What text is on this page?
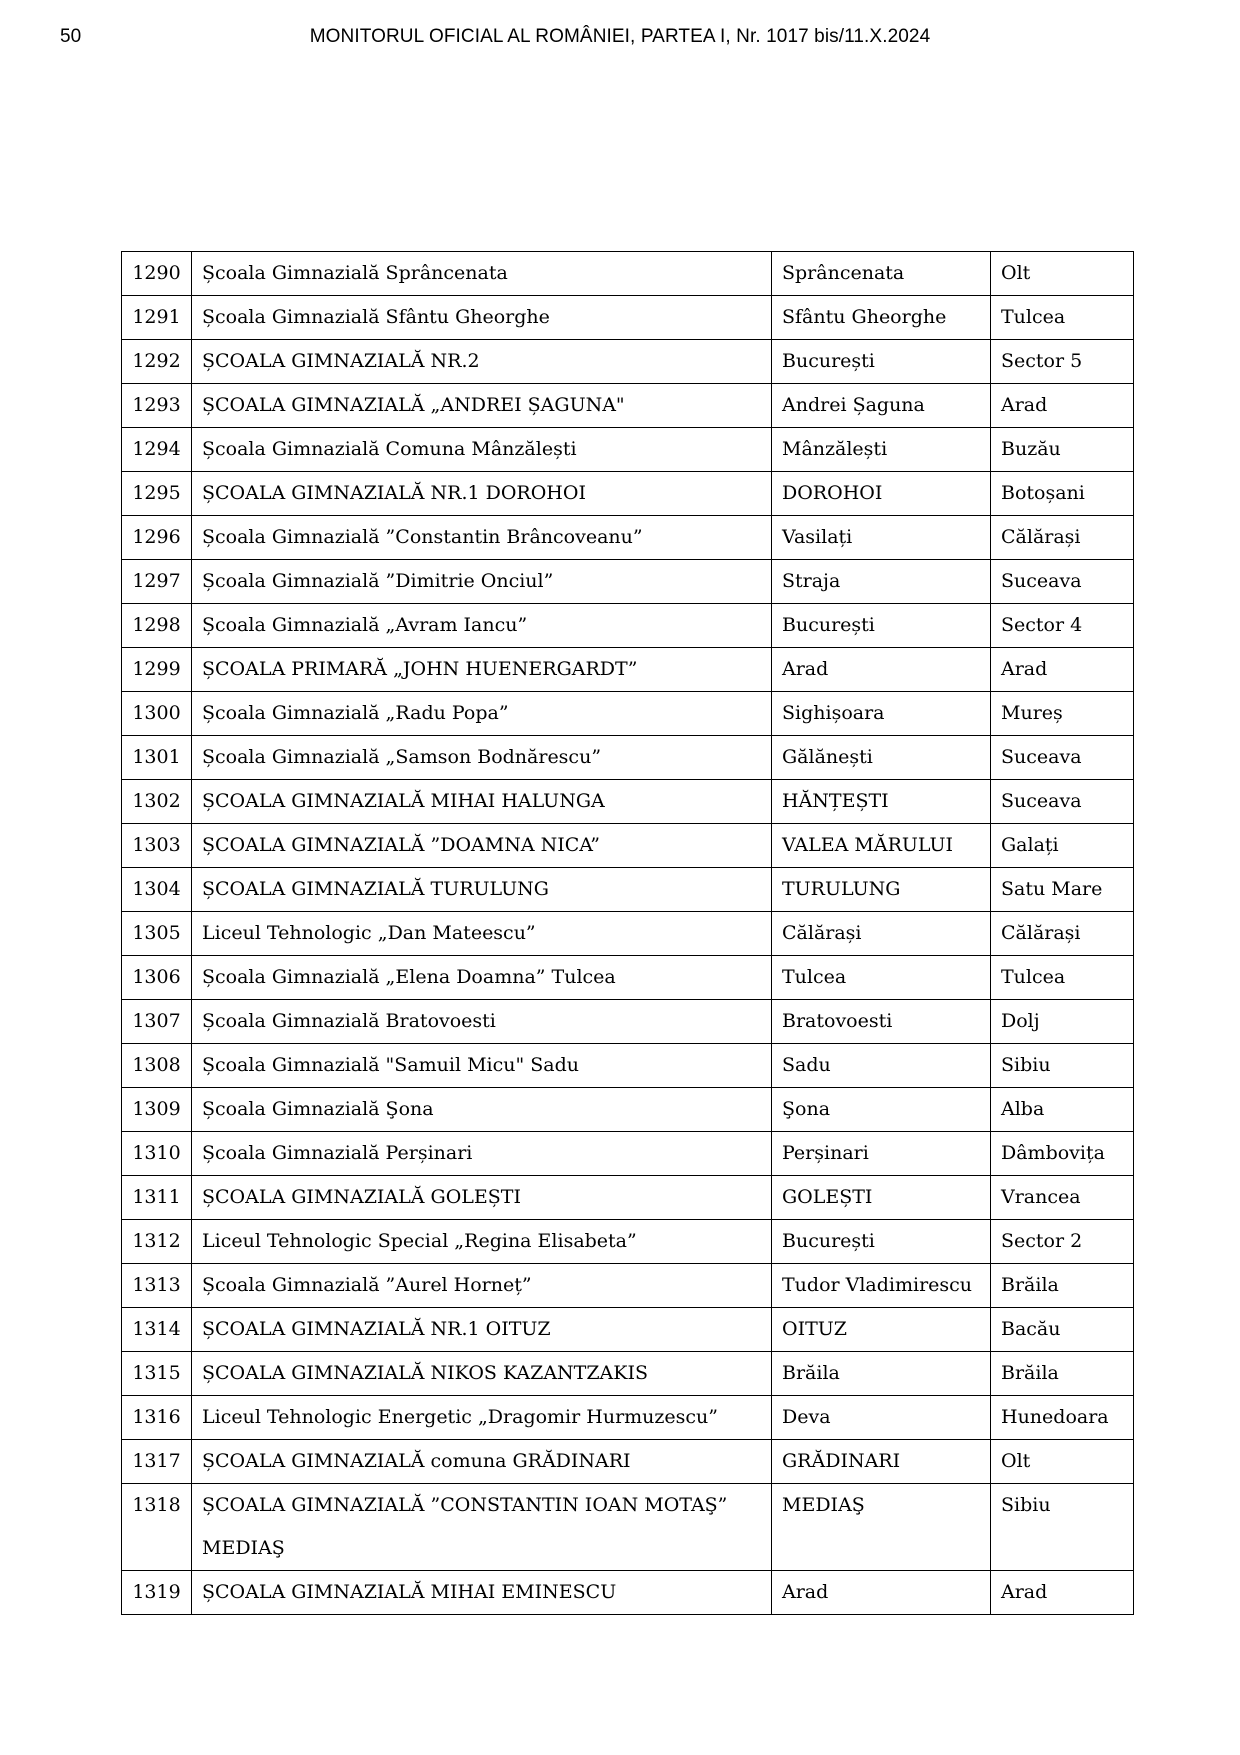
50	MONITORUL OFICIAL AL ROMÂNIEI, PARTEA I, Nr. 1017 bis/11.X.2024
1290	Școala Gimnazială Sprâncenata	Sprâncenata	Olt
1291	Școala Gimnazială Sfântu Gheorghe	Sfântu Gheorghe	Tulcea
1292	ȘCOALA GIMNAZIALĂ NR.2	București	Sector 5
1293	ȘCOALA GIMNAZIALĂ „ANDREI ȘAGUNA"	Andrei Șaguna	Arad
1294	Școala Gimnazială Comuna Mânzălești	Mânzălești	Buzău
1295	ȘCOALA GIMNAZIALĂ NR.1 DOROHOI	DOROHOI	Botoșani
1296	Școala Gimnazială ”Constantin Brâncoveanu”	Vasilați	Călărași
1297	Școala Gimnazială ”Dimitrie Onciul”	Straja	Suceava
1298	Școala Gimnazială „Avram Iancu”	București	Sector 4
1299	ȘCOALA PRIMARĂ „JOHN HUENERGARDT”	Arad	Arad
1300	Școala Gimnazială „Radu Popa”	Sighișoara	Mureș
1301	Școala Gimnazială „Samson Bodnărescu”	Gălănești	Suceava
1302	ȘCOALA GIMNAZIALĂ MIHAI HALUNGA	HĂNȚEȘTI	Suceava
1303	ȘCOALA GIMNAZIALĂ ”DOAMNA NICA”	VALEA MĂRULUI	Galați
1304	ȘCOALA GIMNAZIALĂ TURULUNG	TURULUNG	Satu Mare
1305	Liceul Tehnologic „Dan Mateescu”	Călărași	Călărași
1306	Școala Gimnazială „Elena Doamna” Tulcea	Tulcea	Tulcea
1307	Școala Gimnazială Bratovoesti	Bratovoesti	Dolj
1308	Școala Gimnazială "Samuil Micu" Sadu	Sadu	Sibiu
1309	Școala Gimnazială Şona	Şona	Alba
1310	Școala Gimnazială Perșinari	Perșinari	Dâmbovița
1311	ȘCOALA GIMNAZIALĂ GOLEȘTI	GOLEȘTI	Vrancea
1312	Liceul Tehnologic Special „Regina Elisabeta”	București	Sector 2
1313	Școala Gimnazială ”Aurel Horneț”	Tudor Vladimirescu	Brăila
1314	ȘCOALA GIMNAZIALĂ NR.1 OITUZ	OITUZ	Bacău
1315	ȘCOALA GIMNAZIALĂ NIKOS KAZANTZAKIS	Brăila	Brăila
1316	Liceul Tehnologic Energetic „Dragomir Hurmuzescu”	Deva	Hunedoara
1317	ȘCOALA GIMNAZIALĂ comuna GRĂDINARI	GRĂDINARI	Olt
1318	ȘCOALA GIMNAZIALĂ ”CONSTANTIN IOAN MOTAŞ” MEDIAŞ	MEDIAŞ	Sibiu
1319	ȘCOALA GIMNAZIALĂ MIHAI EMINESCU	Arad	Arad
